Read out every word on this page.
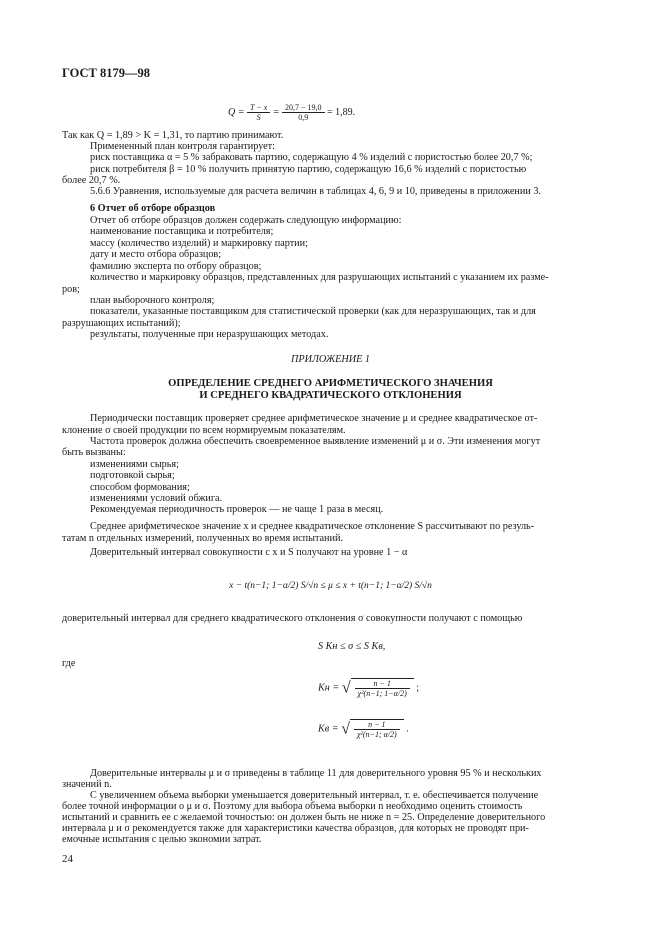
ГОСТ 8179—98
$Q = \frac{T - x}{S} = \frac{20,7 - 19,0}{0,9} = 1,89$.
Так как Q = 1,89 > K = 1,31, то партию принимают.
Примененный план контроля гарантирует:
риск поставщика α = 5 % забраковать партию, содержащую 4 % изделий с пористостью более 20,7 %;
риск потребителя β = 10 % получить принятую партию, содержащую 16,6 % изделий с пористостью
более 20,7 %.
5.6.6 Уравнения, используемые для расчета величин в таблицах 4, 6, 9 и 10, приведены в приложении 3.
6 Отчет об отборе образцов
Отчет об отборе образцов должен содержать следующую информацию:
наименование поставщика и потребителя;
массу (количество изделий) и маркировку партии;
дату и место отбора образцов;
фамилию эксперта по отбору образцов;
количество и маркировку образцов, представленных для разрушающих испытаний с указанием их разме-
ров;
план выборочного контроля;
показатели, указанные поставщиком для статистической проверки (как для неразрушающих, так и для
разрушающих испытаний);
результаты, полученные при неразрушающих методах.
ПРИЛОЖЕНИЕ 1
ОПРЕДЕЛЕНИЕ СРЕДНЕГО АРИФМЕТИЧЕСКОГО ЗНАЧЕНИЯ
И СРЕДНЕГО КВАДРАТИЧЕСКОГО ОТКЛОНЕНИЯ
Периодически поставщик проверяет среднее арифметическое значение μ и среднее квадратическое от-
клонение σ своей продукции по всем нормируемым показателям.
Частота проверок должна обеспечить своевременное выявление изменений μ и σ. Эти изменения могут
быть вызваны:
изменениями сырья;
подготовкой сырья;
способом формования;
изменениями условий обжига.
Рекомендуемая периодичность проверок — не чаще 1 раза в месяц.
Среднее арифметическое значение x и среднее квадратическое отклонение S рассчитывают по резуль-
татам n отдельных измерений, полученных во время испытаний.
Доверительный интервал совокупности с x и S получают на уровне 1 − α
x − t(n−1; 1−α/2) S/√n ≤ μ ≤ x + t(n−1; 1−α/2) S/√n
доверительный интервал для среднего квадратического отклонения σ совокупности получают с помощью
S Kн ≤ σ ≤ S Kв,
где
Kн = √ $\frac{n - 1}{\text{χ²(n−1; 1−α/2)}}$ ;
Kв = √ $\frac{n - 1}{\text{χ²(n−1; α/2)}}$ .
Доверительные интервалы μ и σ приведены в таблице 11 для доверительного уровня 95 % и нескольких
значений n.
С увеличением объема выборки уменьшается доверительный интервал, т. е. обеспечивается получение
более точной информации о μ и σ. Поэтому для выбора объема выборки n необходимо оценить стоимость
испытаний и сравнить ее с желаемой точностью: он должен быть не ниже n = 25. Определение доверительного
интервала μ и σ рекомендуется также для характеристики качества образцов, для которых не проводят при-
емочные испытания с целью экономии затрат.
24
